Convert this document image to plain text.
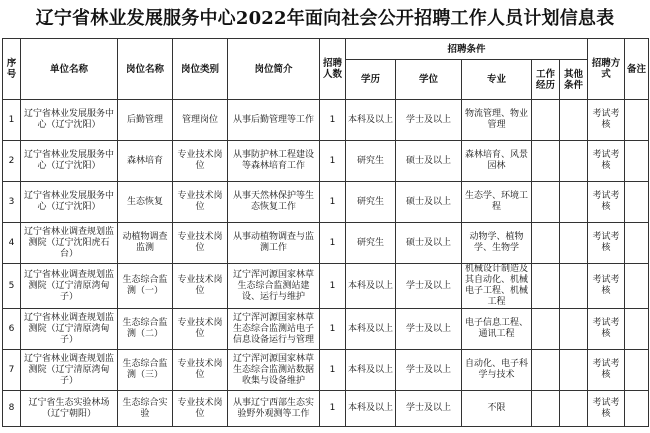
辽宁省林业发展服务中心2022年面向社会公开招聘工作人员计划信息表
序号	单位名称	岗位名称	岗位类别	岗位简介	招聘人数	招聘条件					招聘方式	备注
						学历	学位	专业	工作经历	其他条件		
1	辽宁省林业发展服务中心（辽宁沈阳）	后勤管理	管理岗位	从事后勤管理等工作	1	本科及以上	学士及以上	物流管理、物业管理			考试考核	
2	辽宁省林业发展服务中心（辽宁沈阳）	森林培育	专业技术岗位	从事防护林工程建设等森林培育工作	1	研究生	硕士及以上	森林培育、风景园林			考试考核	
3	辽宁省林业发展服务中心（辽宁沈阳）	生态恢复	专业技术岗位	从事天然林保护等生态恢复工作	1	研究生	硕士及以上	生态学、环境工程			考试考核	
4	辽宁省林业调查规划监测院（辽宁沈阳虎石台）	动植物调查监测	专业技术岗位	从事动植物调查与监测工作	1	研究生	硕士及以上	动物学、植物学、生物学			考试考核	
5	辽宁省林业调查规划监测院（辽宁清原湾甸子）	生态综合监测（一）	专业技术岗位	辽宁浑河源国家林草生态综合监测站建设、运行与维护	1	本科及以上	学士及以上	机械设计制造及其自动化、机械电子工程、机械工程			考试考核	
6	辽宁省林业调查规划监测院（辽宁清原湾甸子）	生态综合监测（二）	专业技术岗位	辽宁浑河源国家林草生态综合监测站电子信息设备运行与管理	1	本科及以上	学士及以上	电子信息工程、通讯工程			考试考核	
7	辽宁省林业调查规划监测院（辽宁清原湾甸子）	生态综合监测（三）	专业技术岗位	辽宁浑河源国家林草生态综合监测站数据收集与设备维护	1	本科及以上	学士及以上	自动化、电子科学与技术			考试考核	
8	辽宁省生态实验林场（辽宁朝阳）	生态综合实验	专业技术岗位	从事辽宁西部生态实验野外观测等工作	1	本科及以上	学士及以上	不限			考试考核	
